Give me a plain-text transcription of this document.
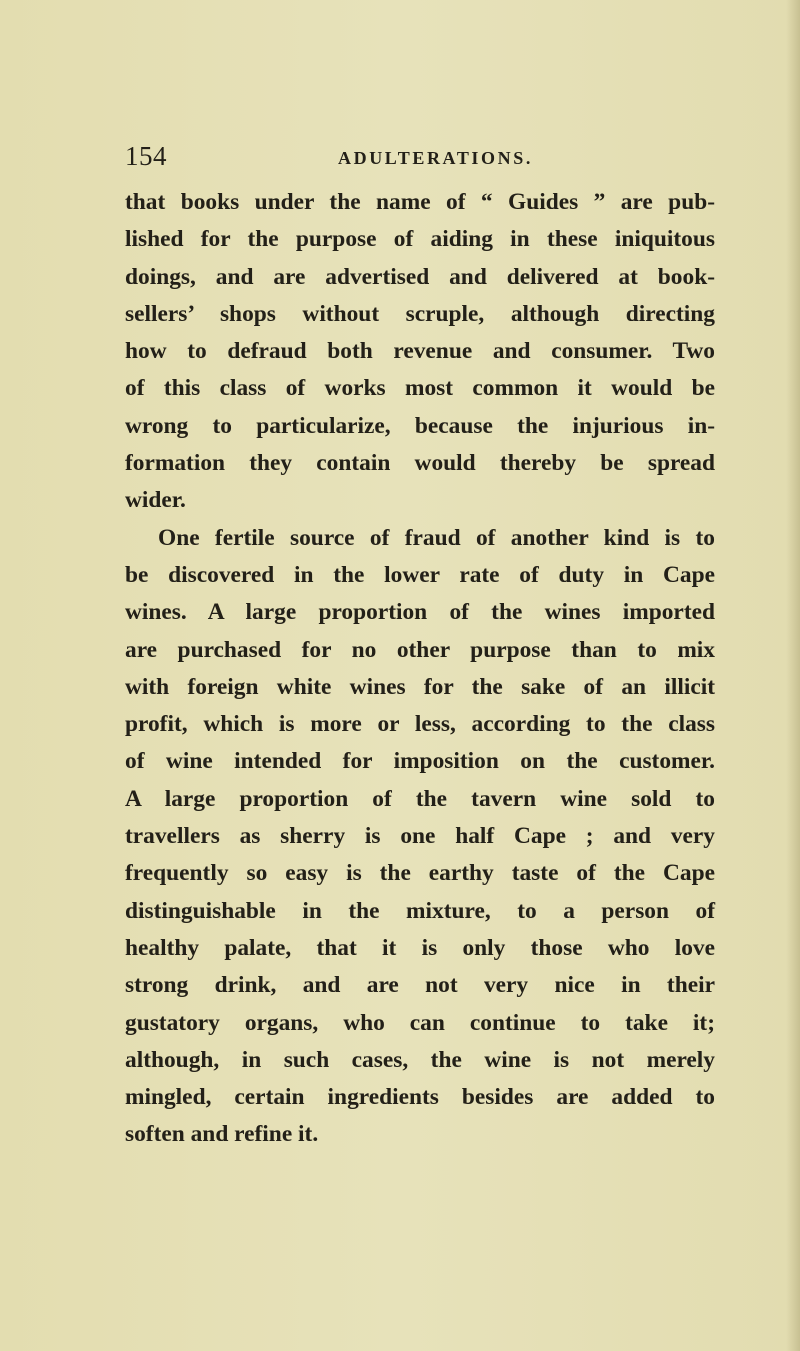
154	ADULTERATIONS.
that books under the name of “ Guides ” are pub-
lished for the purpose of aiding in these iniquitous
doings, and are advertised and delivered at book-
sellers’ shops without scruple, although directing
how to defraud both revenue and consumer. Two
of this class of works most common it would be
wrong to particularize, because the injurious in-
formation they contain would thereby be spread
wider.
One fertile source of fraud of another kind is to
be discovered in the lower rate of duty in Cape
wines. A large proportion of the wines imported
are purchased for no other purpose than to mix
with foreign white wines for the sake of an illicit
profit, which is more or less, according to the class
of wine intended for imposition on the customer.
A large proportion of the tavern wine sold to
travellers as sherry is one half Cape ; and very
frequently so easy is the earthy taste of the Cape
distinguishable in the mixture, to a person of
healthy palate, that it is only those who love
strong drink, and are not very nice in their
gustatory organs, who can continue to take it;
although, in such cases, the wine is not merely
mingled, certain ingredients besides are added to
soften and refine it.
